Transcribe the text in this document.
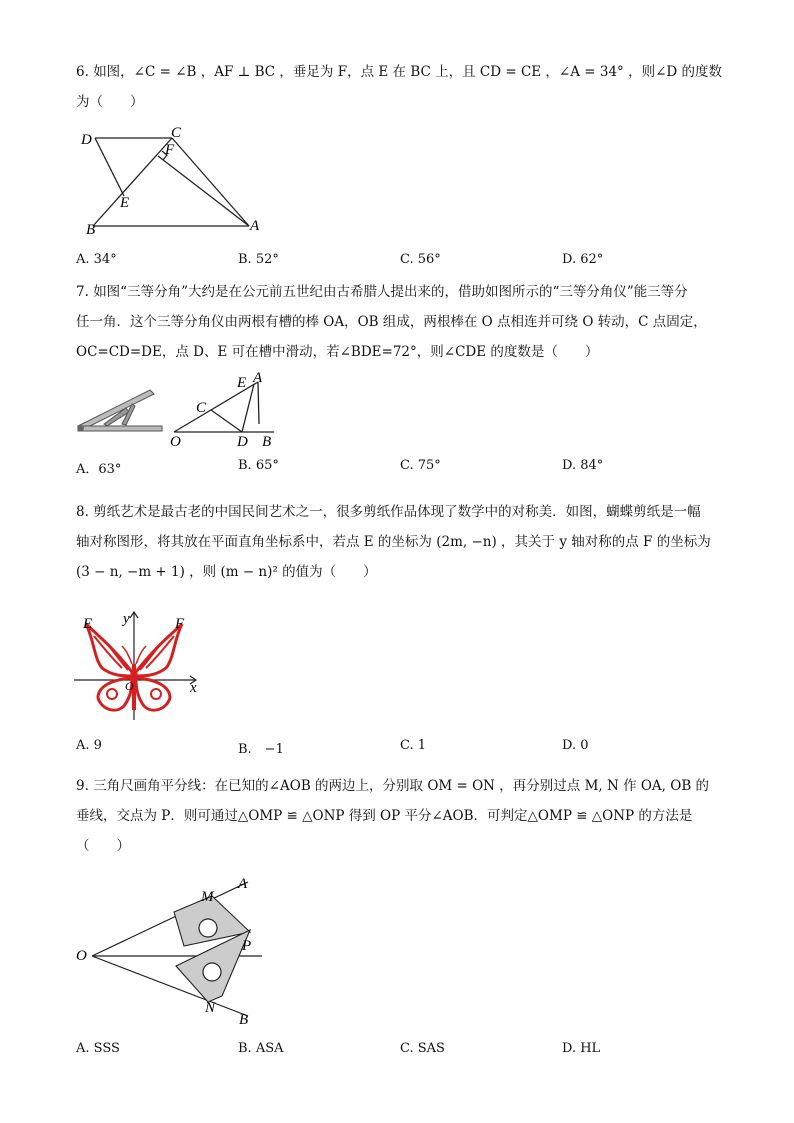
6. 如图，∠C = ∠B ，AF ⊥ BC ，垂足为 F，点 E 在 BC 上，且 CD = CE ，∠A = 34° ，则∠D 的度数
为（　　）
D	C
F
E
B	A
A. 34°	B. 52°	C. 56°	D. 62°
7. 如图“三等分角”大约是在公元前五世纪由古希腊人提出来的，借助如图所示的“三等分角仪”能三等分
任一角．这个三等分角仪由两根有槽的棒 OA，OB 组成，两根棒在 O 点相连并可绕 O 转动，C 点固定，
OC=CD=DE，点 D、E 可在槽中滑动，若∠BDE=72°，则∠CDE 的度数是（　　）
E A
C
O	D B
A．63°	B. 65°	C. 75°	D. 84°
8. 剪纸艺术是最古老的中国民间艺术之一，很多剪纸作品体现了数学中的对称美．如图，蝴蝶剪纸是一幅
轴对称图形，将其放在平面直角坐标系中，若点 E 的坐标为 (2m, −n) ，其关于 y 轴对称的点 F 的坐标为
(3 − n, −m + 1) ，则 (m − n)² 的值为（　　）
E y	F
O	x
A. 9	B.　−1	C. 1	D. 0
9. 三角尺画角平分线：在已知的∠AOB 的两边上，分别取 OM = ON ，再分别过点 M, N 作 OA, OB 的
垂线，交点为 P．则可通过△OMP ≌ △ONP 得到 OP 平分∠AOB．可判定△OMP ≌ △ONP 的方法是
（　　）
M
A
O
P
N
B
A. SSS	B. ASA	C. SAS	D. HL
